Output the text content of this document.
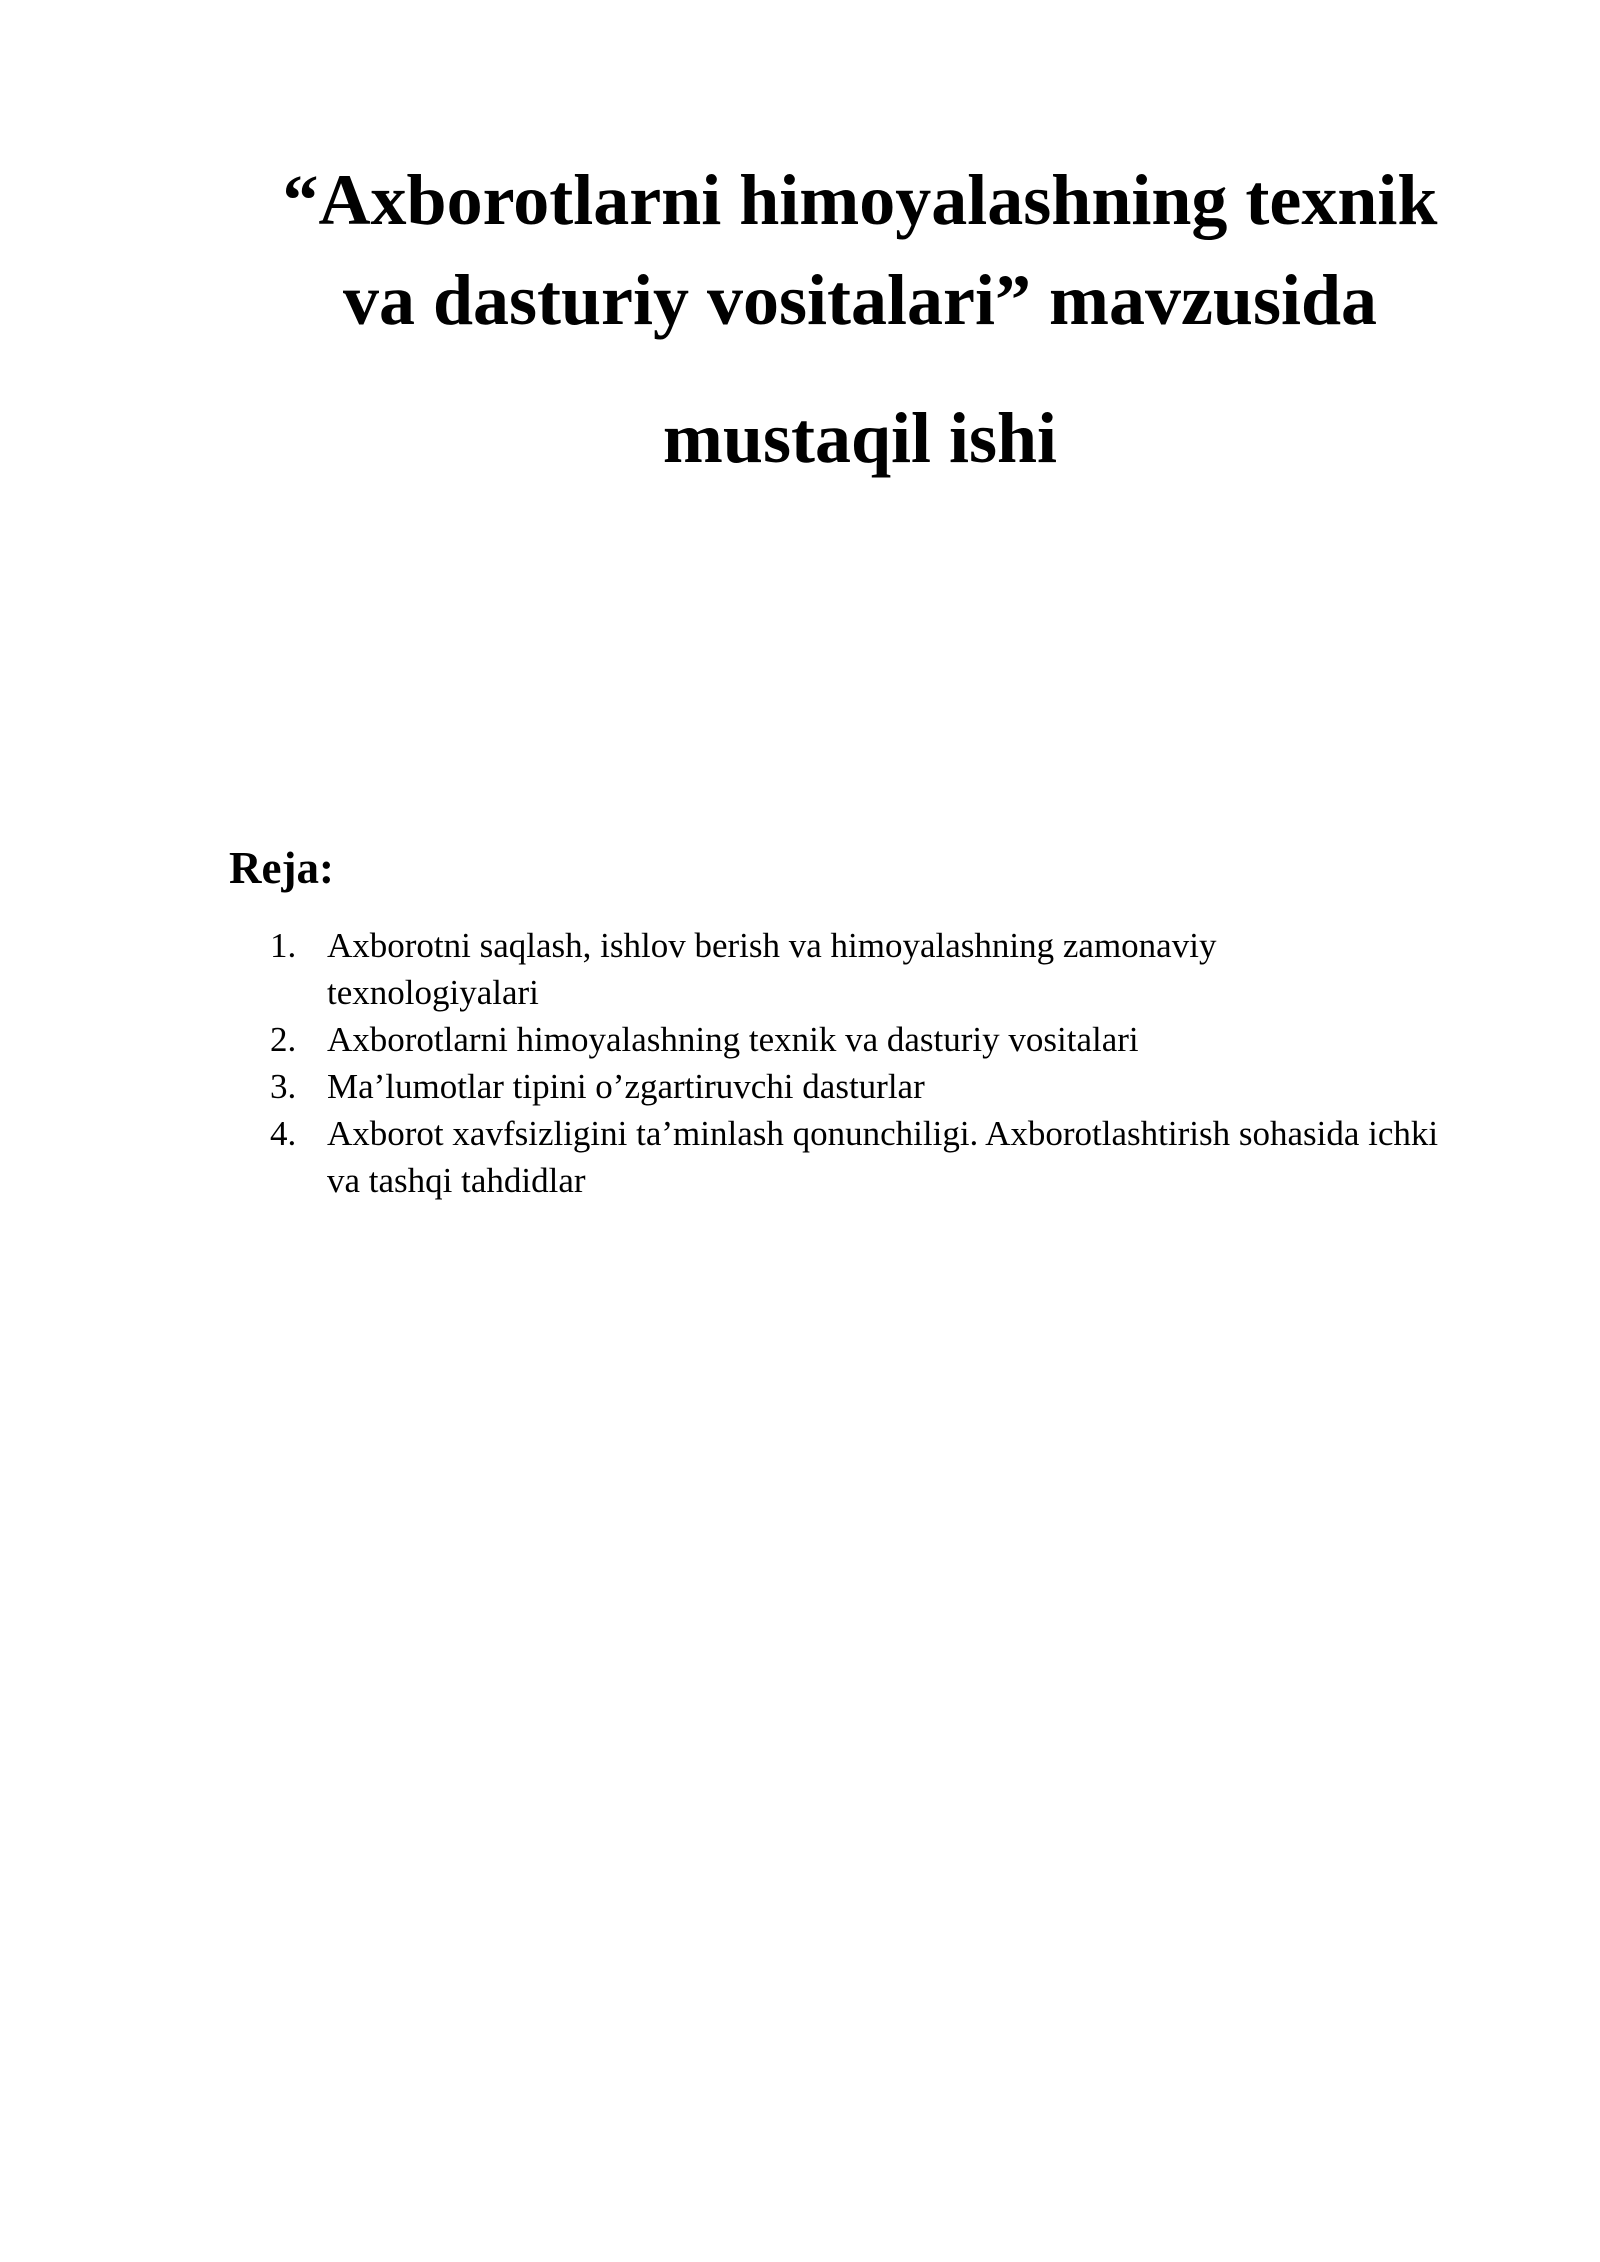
“Axborotlarni himoyalashning texnik
va dasturiy vositalari” mavzusida
mustaqil ishi
Reja:
1. Axborotni saqlash, ishlov berish va himoyalashning zamonaviy texnologiyalari
2. Axborotlarni himoyalashning texnik va dasturiy vositalari
3. Ma’lumotlar tipini o’zgartiruvchi dasturlar
4. Axborot xavfsizligini ta’minlash qonunchiligi. Axborotlashtirish sohasida ichki va tashqi tahdidlar
